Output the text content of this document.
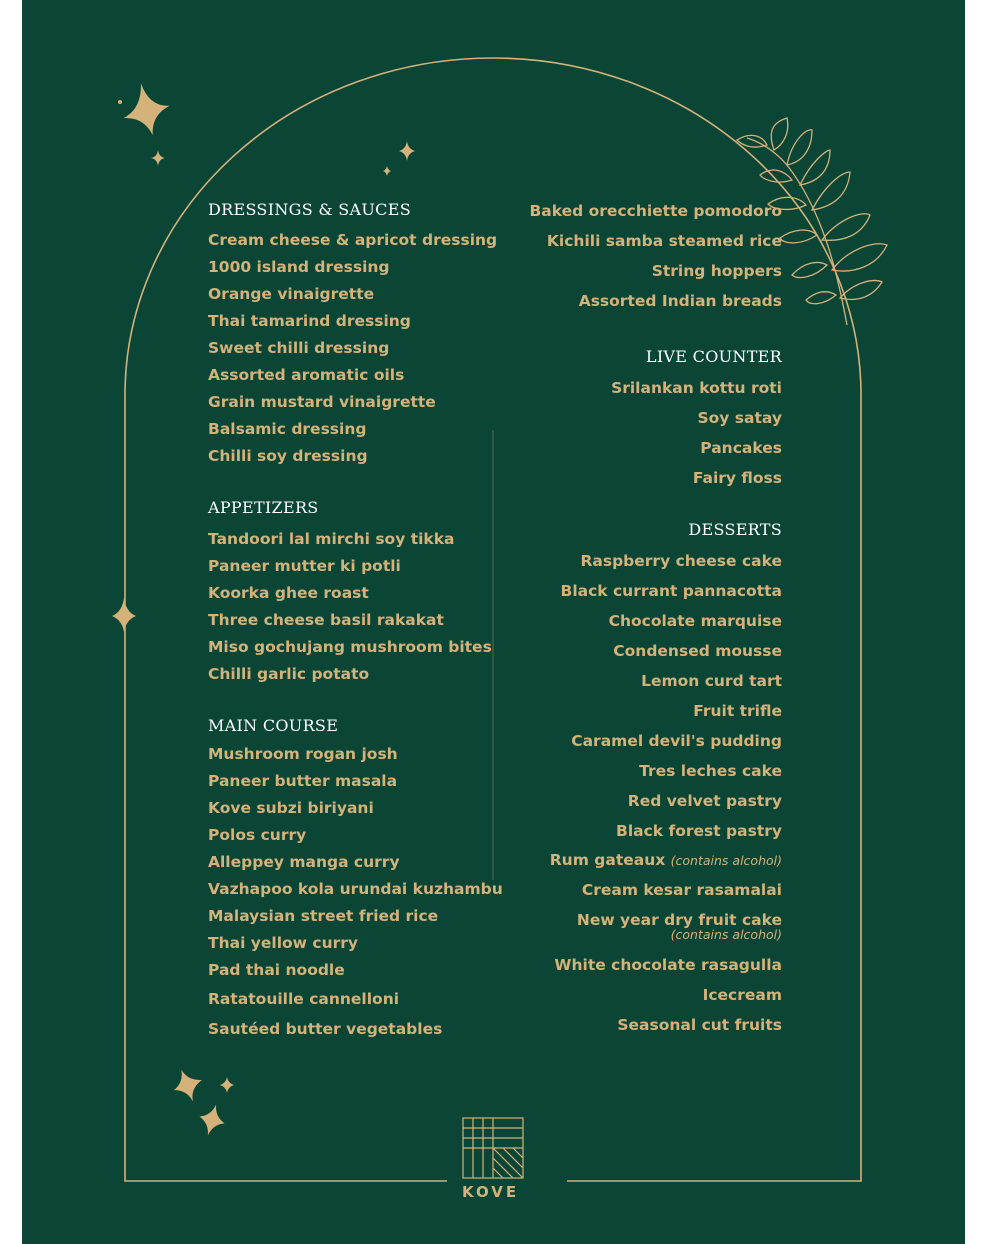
DRESSINGS & SAUCES

Cream cheese & apricot dressing

1000 island dressing

Orange vinaigrette

Thai tamarind dressing

Sweet chilli dressing

Assorted aromatic oils

Grain mustard vinaigrette

Balsamic dressing

Chilli soy dressing

APPETIZERS

Tandoori lal mirchi soy tikka

Paneer mutter ki potli

Koorka ghee roast

Three cheese basil rakakat

Miso gochujang mushroom bites

Chilli garlic potato

MAIN COURSE

Mushroom rogan josh

Paneer butter masala

Kove subzi biriyani

Polos curry

Alleppey manga curry

Vazhapoo kola urundai kuzhambu

Malaysian street fried rice

Thai yellow curry

Pad thai noodle

Ratatouille cannelloni

Sautéed butter vegetables

Baked orecchiette pomodoro

Kichili samba steamed rice

String hoppers

Assorted Indian breads

LIVE COUNTER

Srilankan kottu roti

Soy satay

Pancakes

Fairy floss

DESSERTS

Raspberry cheese cake

Black currant pannacotta

Chocolate marquise

Condensed mousse

Lemon curd tart

Fruit trifle

Caramel devil's pudding

Tres leches cake

Red velvet pastry

Black forest pastry

Rum gateaux (contains alcohol)

Cream kesar rasamalai

New year dry fruit cake

(contains alcohol)

White chocolate rasagulla

Icecream

Seasonal cut fruits

KOVE
